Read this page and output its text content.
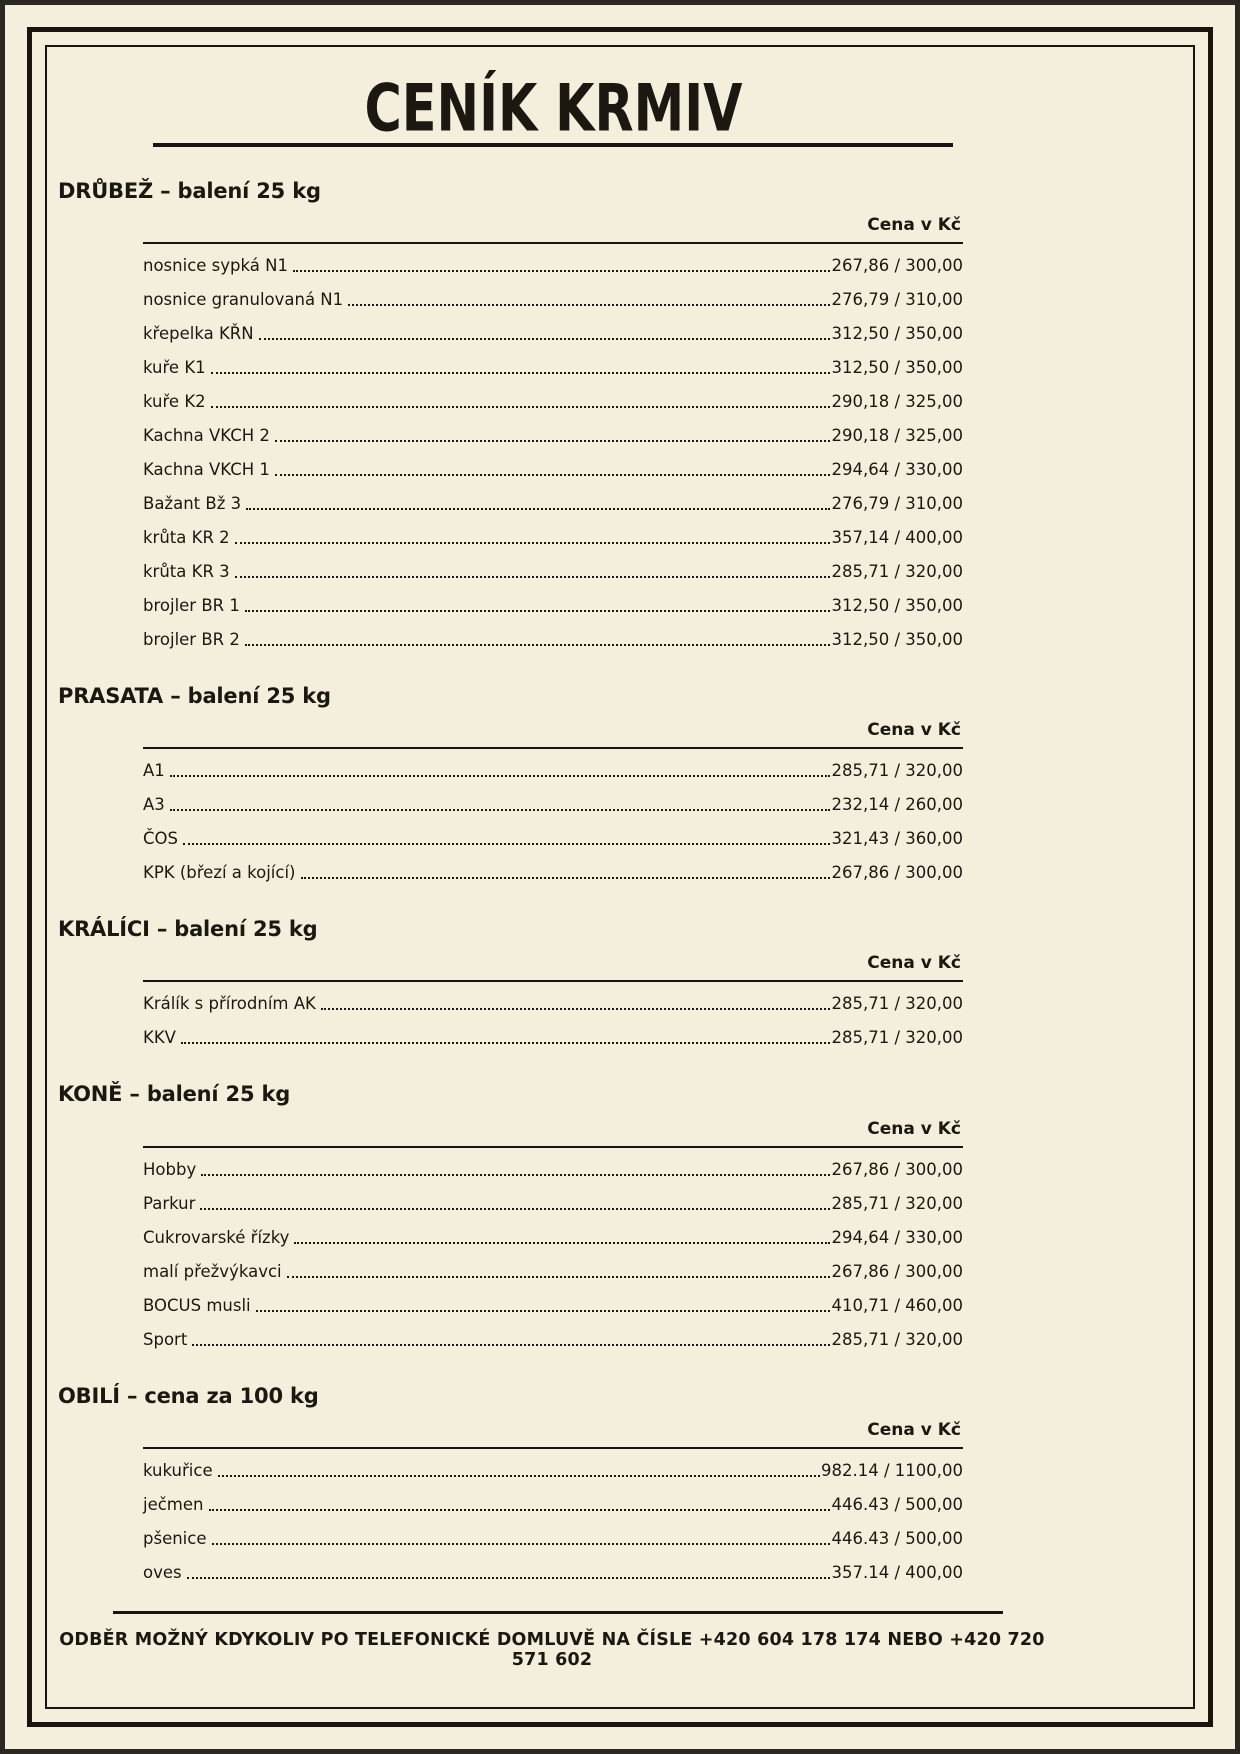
CENÍK KRMIV
DRŮBEŽ – balení 25 kg
Cena v Kč
nosnice sypká N1	267,86 / 300,00
nosnice granulovaná N1	276,79 / 310,00
křepelka KŘN	312,50 / 350,00
kuře K1	312,50 / 350,00
kuře K2	290,18 / 325,00
Kachna VKCH 2	290,18 / 325,00
Kachna VKCH 1	294,64 / 330,00
Bažant Bž 3	276,79 / 310,00
krůta KR 2	357,14 / 400,00
krůta KR 3	285,71 / 320,00
brojler BR 1	312,50 / 350,00
brojler BR 2	312,50 / 350,00
PRASATA – balení 25 kg
Cena v Kč
A1	285,71 / 320,00
A3	232,14 / 260,00
ČOS	321,43 / 360,00
KPK (březí a kojící)	267,86 / 300,00
KRÁLÍCI – balení 25 kg
Cena v Kč
Králík s přírodním AK	285,71 / 320,00
KKV	285,71 / 320,00
KONĚ – balení 25 kg
Cena v Kč
Hobby	267,86 / 300,00
Parkur	285,71 / 320,00
Cukrovarské řízky	294,64 / 330,00
malí přežvýkavci	267,86 / 300,00
BOCUS musli	410,71 / 460,00
Sport	285,71 / 320,00
OBILÍ – cena za 100 kg
Cena v Kč
kukuřice	982.14 / 1100,00
ječmen	446.43 / 500,00
pšenice	446.43 / 500,00
oves	357.14 / 400,00
ODBĚR MOŽNÝ KDYKOLIV PO TELEFONICKÉ DOMLUVĚ NA ČÍSLE +420 604 178 174 NEBO +420 720 571 602
